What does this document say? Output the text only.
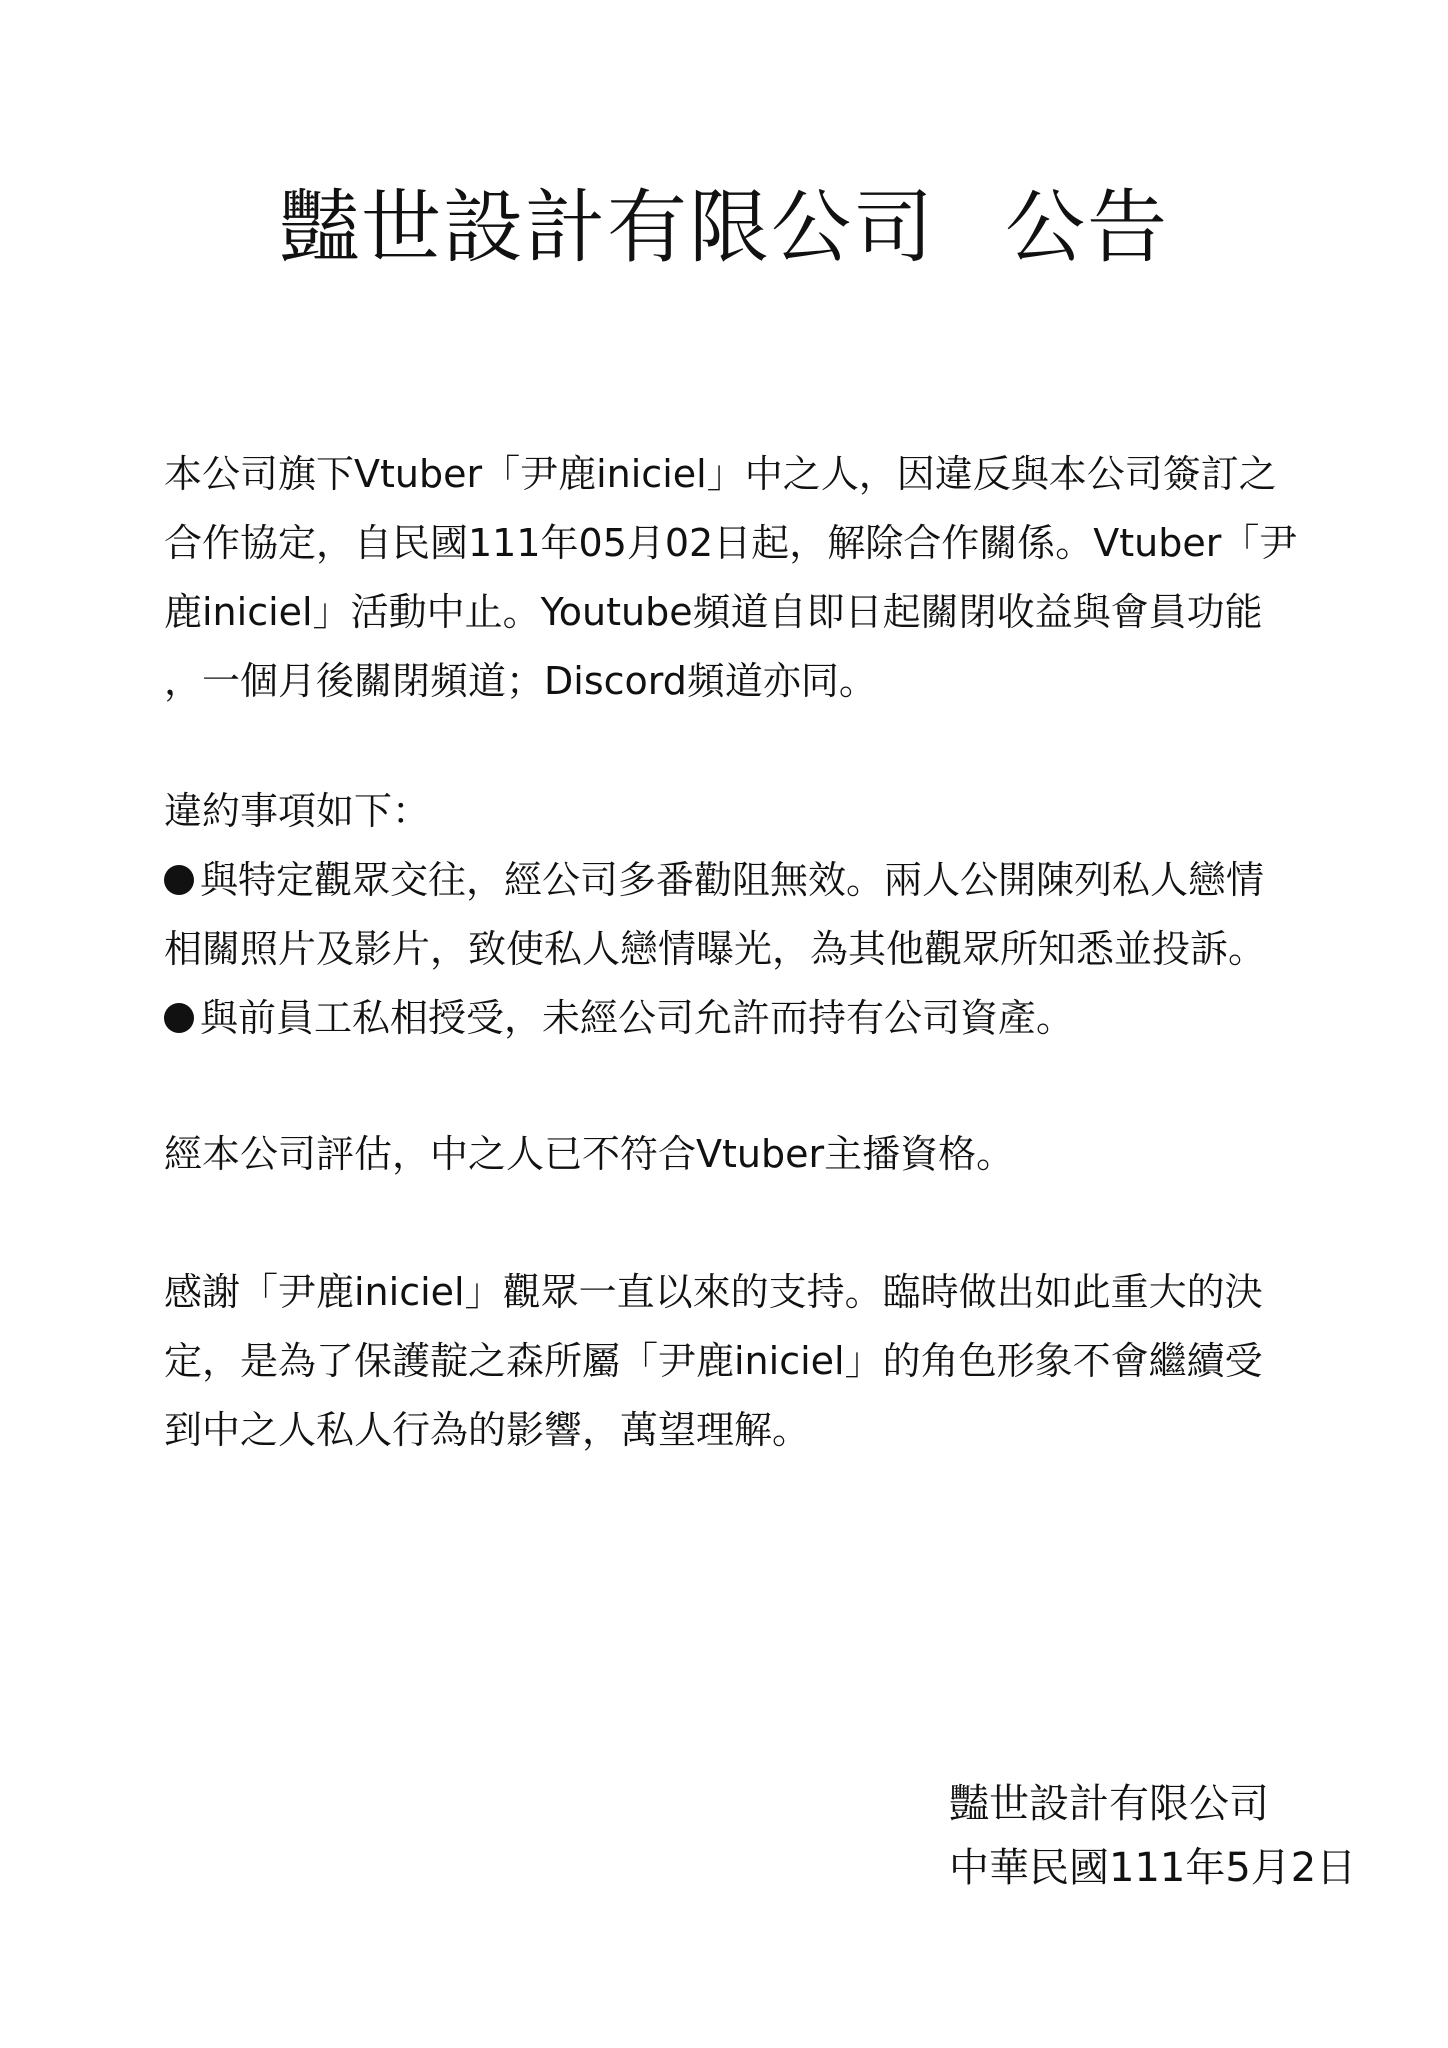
豔世設計有限公司 公告
本公司旗下Vtuber「尹鹿iniciel」中之人，因違反與本公司簽訂之
合作協定，自民國111年05月02日起，解除合作關係。Vtuber「尹
鹿iniciel」活動中止。Youtube頻道自即日起關閉收益與會員功能
，一個月後關閉頻道；Discord頻道亦同。
違約事項如下：
與特定觀眾交往，經公司多番勸阻無效。兩人公開陳列私人戀情
相關照片及影片，致使私人戀情曝光，為其他觀眾所知悉並投訴。
與前員工私相授受，未經公司允許而持有公司資產。
經本公司評估，中之人已不符合Vtuber主播資格。
感謝「尹鹿iniciel」觀眾一直以來的支持。臨時做出如此重大的決
定，是為了保護靛之森所屬「尹鹿iniciel」的角色形象不會繼續受
到中之人私人行為的影響，萬望理解。
豔世設計有限公司
中華民國111年5月2日
